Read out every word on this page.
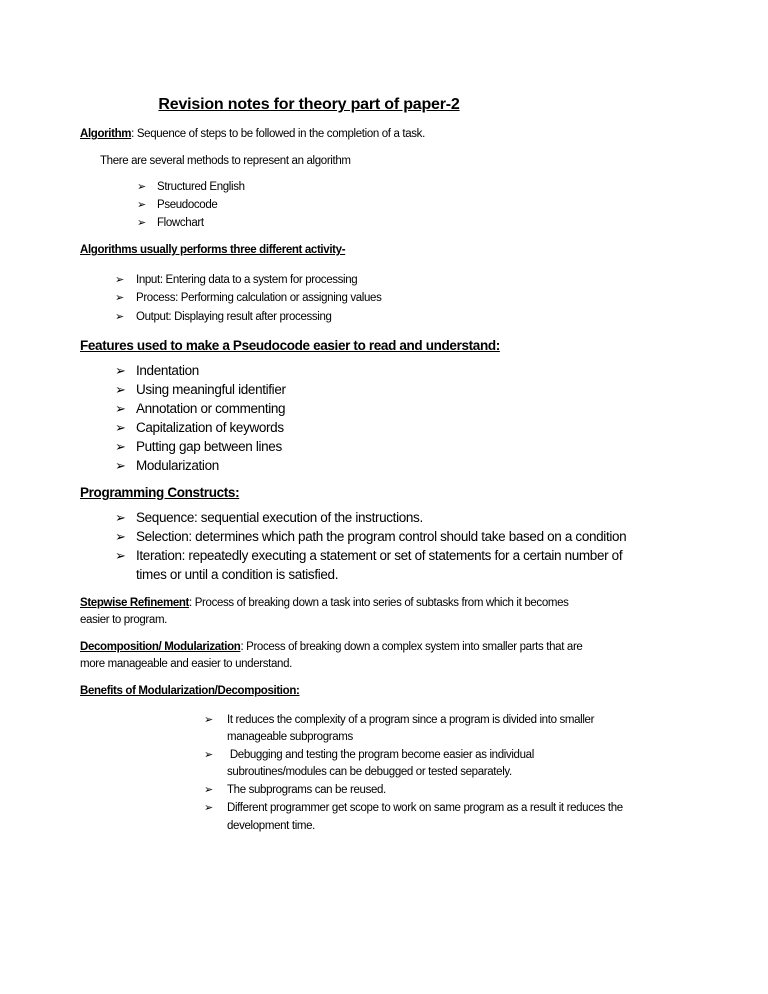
Revision notes for theory part of paper-2
Algorithm: Sequence of steps to be followed in the completion of a task.
There are several methods to represent an algorithm
➢ Structured English
➢ Pseudocode
➢ Flowchart
Algorithms usually performs three different activity-
➢ Input: Entering data to a system for processing
➢ Process: Performing calculation or assigning values
➢ Output: Displaying result after processing
Features used to make a Pseudocode easier to read and understand:
➢ Indentation
➢ Using meaningful identifier
➢ Annotation or commenting
➢ Capitalization of keywords
➢ Putting gap between lines
➢ Modularization
Programming Constructs:
➢ Sequence: sequential execution of the instructions.
➢ Selection: determines which path the program control should take based on a condition
➢ Iteration: repeatedly executing a statement or set of statements for a certain number of
times or until a condition is satisfied.
Stepwise Refinement: Process of breaking down a task into series of subtasks from which it becomes
easier to program.
Decomposition/ Modularization: Process of breaking down a complex system into smaller parts that are
more manageable and easier to understand.
Benefits of Modularization/Decomposition:
➢ It reduces the complexity of a program since a program is divided into smaller
manageable subprograms
➢ Debugging and testing the program become easier as individual
subroutines/modules can be debugged or tested separately.
➢ The subprograms can be reused.
➢ Different programmer get scope to work on same program as a result it reduces the
development time.
